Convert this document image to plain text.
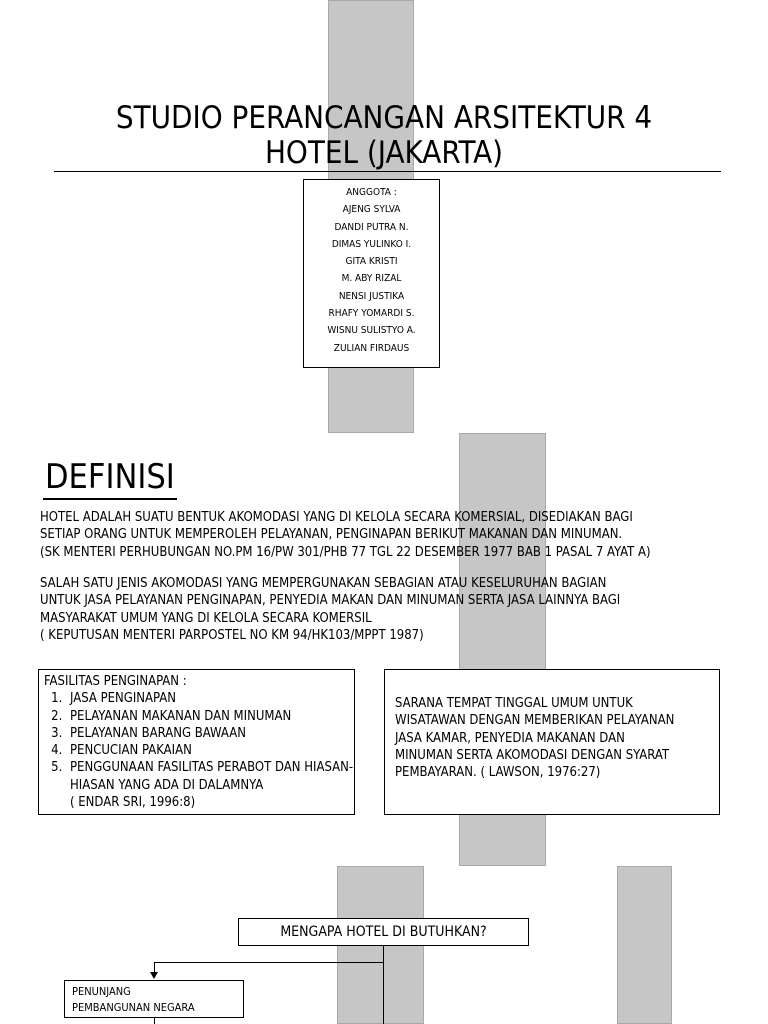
STUDIO PERANCANGAN ARSITEKTUR 4
HOTEL (JAKARTA)
ANGGOTA :
AJENG SYLVA
DANDI PUTRA N.
DIMAS YULINKO I.
GITA KRISTI
M. ABY RIZAL
NENSI JUSTIKA
RHAFY YOMARDI S.
WISNU SULISTYO A.
ZULIAN FIRDAUS
DEFINISI
HOTEL ADALAH SUATU BENTUK AKOMODASI YANG DI KELOLA SECARA KOMERSIAL, DISEDIAKAN BAGI
SETIAP ORANG UNTUK MEMPEROLEH PELAYANAN, PENGINAPAN BERIKUT MAKANAN DAN MINUMAN.
(SK MENTERI PERHUBUNGAN NO.PM 16/PW 301/PHB 77 TGL 22 DESEMBER 1977 BAB 1 PASAL 7 AYAT A)
SALAH SATU JENIS AKOMODASI YANG MEMPERGUNAKAN SEBAGIAN ATAU KESELURUHAN BAGIAN
UNTUK JASA PELAYANAN PENGINAPAN, PENYEDIA MAKAN DAN MINUMAN SERTA JASA LAINNYA BAGI
MASYARAKAT UMUM YANG DI KELOLA SECARA KOMERSIL
( KEPUTUSAN MENTERI PARPOSTEL NO KM 94/HK103/MPPT 1987)
FASILITAS PENGINAPAN :
1. JASA PENGINAPAN
2. PELAYANAN MAKANAN DAN MINUMAN
3. PELAYANAN BARANG BAWAAN
4. PENCUCIAN PAKAIAN
5. PENGGUNAAN FASILITAS PERABOT DAN HIASAN-HIASAN YANG ADA DI DALAMNYA
( ENDAR SRI, 1996:8)
SARANA TEMPAT TINGGAL UMUM UNTUK
WISATAWAN DENGAN MEMBERIKAN PELAYANAN
JASA KAMAR, PENYEDIA MAKANAN DAN
MINUMAN SERTA AKOMODASI DENGAN SYARAT
PEMBAYARAN. ( LAWSON, 1976:27)
MENGAPA HOTEL DI BUTUHKAN?
PENUNJANG
PEMBANGUNAN NEGARA
